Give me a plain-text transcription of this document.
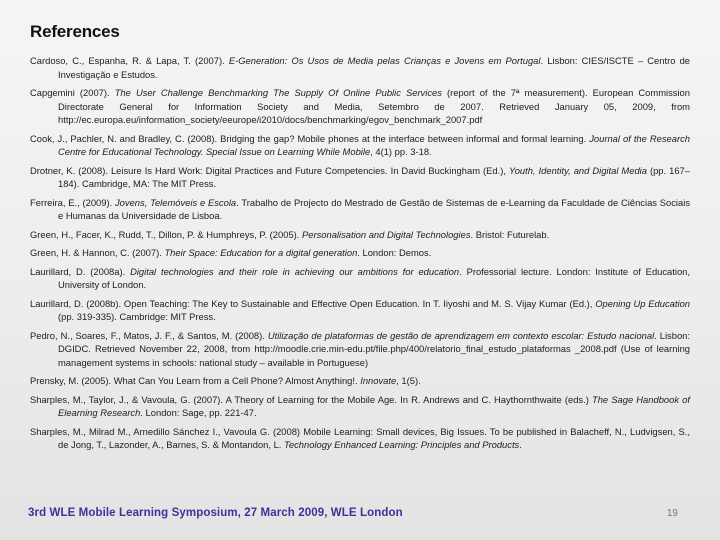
References

Cardoso, C., Espanha, R. & Lapa, T. (2007). E-Generation: Os Usos de Media pelas Crianças e Jovens em Portugal. Lisbon: CIES/ISCTE – Centro de Investigação e Estudos.

Capgemini (2007). The User Challenge Benchmarking The Supply Of Online Public Services (report of the 7ª measurement). European Commission Directorate General for Information Society and Media, Setembro de 2007. Retrieved January 05, 2009, from http://ec.europa.eu/information_society/eeurope/i2010/docs/benchmarking/egov_benchmark_2007.pdf

Cook, J., Pachler, N. and Bradley, C. (2008). Bridging the gap? Mobile phones at the interface between informal and formal learning. Journal of the Research Centre for Educational Technology. Special Issue on Learning While Mobile, 4(1) pp. 3-18.

Drotner, K. (2008). Leisure Is Hard Work: Digital Practices and Future Competencies. In David Buckingham (Ed.), Youth, Identity, and Digital Media (pp. 167–184). Cambridge, MA: The MIT Press.

Ferreira, E., (2009). Jovens, Telemóveis e Escola. Trabalho de Projecto do Mestrado de Gestão de Sistemas de e-Learning da Faculdade de Ciências Sociais e Humanas da Universidade de Lisboa.

Green, H., Facer, K., Rudd, T., Dillon, P. & Humphreys, P. (2005). Personalisation and Digital Technologies. Bristol: Futurelab.

Green, H. & Hannon, C. (2007). Their Space: Education for a digital generation. London: Demos.

Laurillard, D. (2008a). Digital technologies and their role in achieving our ambitions for education. Professorial lecture. London: Institute of Education, University of London.

Laurillard, D. (2008b). Open Teaching: The Key to Sustainable and Effective Open Education. In T. Iiyoshi and M. S. Vijay Kumar (Ed.), Opening Up Education (pp. 319-335). Cambridge: MIT Press.

Pedro, N., Soares, F., Matos, J. F., & Santos, M. (2008). Utilização de plataformas de gestão de aprendizagem em contexto escolar: Estudo nacional. Lisbon: DGIDC. Retrieved November 22, 2008, from http://moodle.crie.min-edu.pt/file.php/400/relatorio_final_estudo_plataformas _2008.pdf (Use of learning management systems in schools: national study – available in Portuguese)

Prensky, M. (2005). What Can You Learn from a Cell Phone? Almost Anything!. Innovate, 1(5).

Sharples, M., Taylor, J., & Vavoula, G. (2007). A Theory of Learning for the Mobile Age. In R. Andrews and C. Haythornthwaite (eds.) The Sage Handbook of Elearning Research. London: Sage, pp. 221-47.

Sharples, M., Milrad M., Arnedillo Sánchez I., Vavoula G. (2008) Mobile Learning: Small devices, Big Issues. To be published in Balacheff, N., Ludvigsen, S., de Jong, T., Lazonder, A., Barnes, S. & Montandon, L. Technology Enhanced Learning: Principles and Products.

3rd WLE Mobile Learning Symposium, 27 March 2009, WLE London	19
